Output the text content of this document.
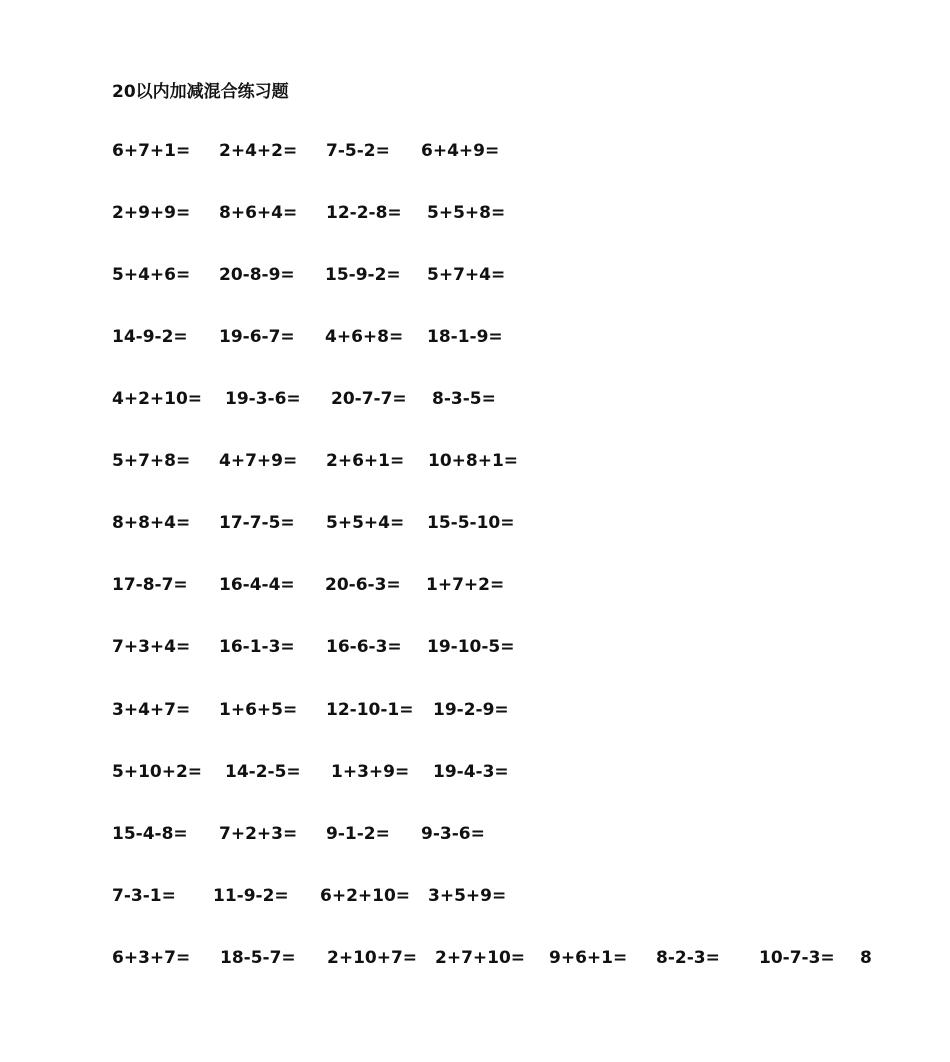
20以内加减混合练习题
6+7+1= 2+4+2= 7-5-2= 6+4+9=
2+9+9= 8+6+4= 12-2-8= 5+5+8=
5+4+6= 20-8-9= 15-9-2= 5+7+4=
14-9-2= 19-6-7= 4+6+8= 18-1-9=
4+2+10= 19-3-6= 20-7-7= 8-3-5=
5+7+8= 4+7+9= 2+6+1= 10+8+1=
8+8+4= 17-7-5= 5+5+4= 15-5-10=
17-8-7= 16-4-4= 20-6-3= 1+7+2=
7+3+4= 16-1-3= 16-6-3= 19-10-5=
3+4+7= 1+6+5= 12-10-1= 19-2-9=
5+10+2= 14-2-5= 1+3+9= 19-4-3=
15-4-8= 7+2+3= 9-1-2= 9-3-6=
7-3-1= 11-9-2= 6+2+10= 3+5+9=
6+3+7= 18-5-7= 2+10+7= 2+7+10= 9+6+1= 8-2-3= 10-7-3= 8
